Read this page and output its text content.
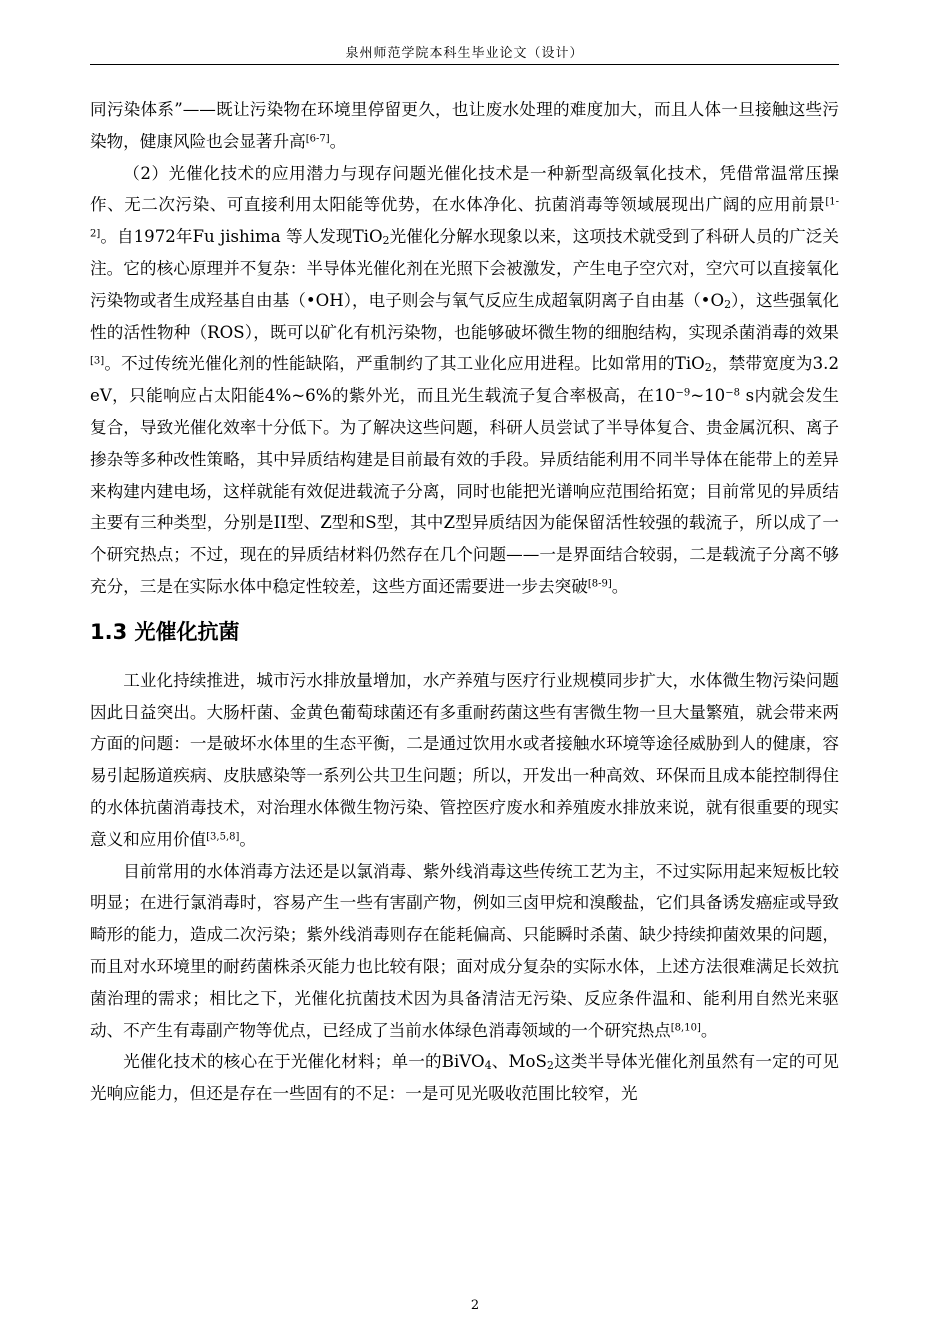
泉州师范学院本科生毕业论文（设计）

同污染体系”——既让污染物在环境里停留更久，也让废水处理的难度加大，而且人体一旦接触这些污染物，健康风险也会显著升高[6-7]。

（2）光催化技术的应用潜力与现存问题光催化技术是一种新型高级氧化技术，凭借常温常压操作、无二次污染、可直接利用太阳能等优势，在水体净化、抗菌消毒等领域展现出广阔的应用前景[1-2]。自1972年Fu jishima 等人发现TiO$_2$光催化分解水现象以来，这项技术就受到了科研人员的广泛关注。它的核心原理并不复杂：半导体光催化剂在光照下会被激发，产生电子空穴对，空穴可以直接氧化污染物或者生成羟基自由基（•OH），电子则会与氧气反应生成超氧阴离子自由基$(•O_2)$，这些强氧化性的活性物种（ROS），既可以矿化有机污染物，也能够破坏微生物的细胞结构，实现杀菌消毒的效果[3]。不过传统光催化剂的性能缺陷，严重制约了其工业化应用进程。比如常用的TiO$_2$，禁带宽度为3.2 eV，只能响应占太阳能4%~6%的紫外光，而且光生载流子复合率极高，在$10^{-9}\sim 10^{-8}$ s内就会发生复合，导致光催化效率十分低下。为了解决这些问题，科研人员尝试了半导体复合、贵金属沉积、离子掺杂等多种改性策略，其中异质结构建是目前最有效的手段。异质结能利用不同半导体在能带上的差异来构建内建电场，这样就能有效促进载流子分离，同时也能把光谱响应范围给拓宽；目前常见的异质结主要有三种类型，分别是II型、Z型和S型，其中Z型异质结因为能保留活性较强的载流子，所以成了一个研究热点；不过，现在的异质结材料仍然存在几个问题——一是界面结合较弱，二是载流子分离不够充分，三是在实际水体中稳定性较差，这些方面还需要进一步去突破[8-9]。

1.3 光催化抗菌

工业化持续推进，城市污水排放量增加，水产养殖与医疗行业规模同步扩大，水体微生物污染问题因此日益突出。大肠杆菌、金黄色葡萄球菌还有多重耐药菌这些有害微生物一旦大量繁殖，就会带来两方面的问题：一是破坏水体里的生态平衡，二是通过饮用水或者接触水环境等途径威胁到人的健康，容易引起肠道疾病、皮肤感染等一系列公共卫生问题；所以，开发出一种高效、环保而且成本能控制得住的水体抗菌消毒技术，对治理水体微生物污染、管控医疗废水和养殖废水排放来说，就有很重要的现实意义和应用价值[3,5,8]。

目前常用的水体消毒方法还是以氯消毒、紫外线消毒这些传统工艺为主，不过实际用起来短板比较明显；在进行氯消毒时，容易产生一些有害副产物，例如三卤甲烷和溴酸盐，它们具备诱发癌症或导致畸形的能力，造成二次污染；紫外线消毒则存在能耗偏高、只能瞬时杀菌、缺少持续抑菌效果的问题，而且对水环境里的耐药菌株杀灭能力也比较有限；面对成分复杂的实际水体，上述方法很难满足长效抗菌治理的需求；相比之下，光催化抗菌技术因为具备清洁无污染、反应条件温和、能利用自然光来驱动、不产生有毒副产物等优点，已经成了当前水体绿色消毒领域的一个研究热点[8,10]。

光催化技术的核心在于光催化材料；单一的BiVO$_4$、MoS$_2$这类半导体光催化剂虽然有一定的可见光响应能力，但还是存在一些固有的不足：一是可见光吸收范围比较窄，光

2
